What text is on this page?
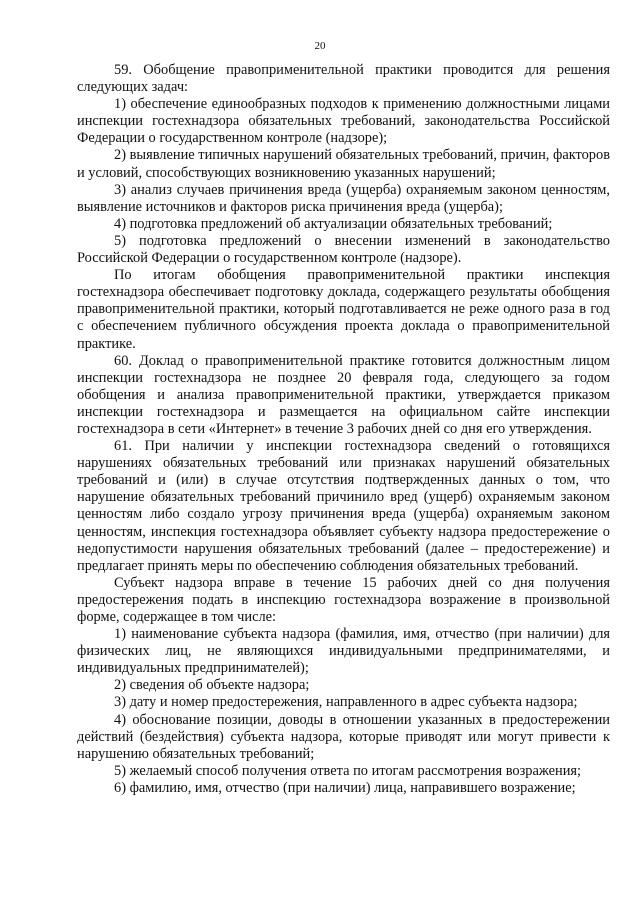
20

59. Обобщение правоприменительной практики проводится для решения следующих задач:

1) обеспечение единообразных подходов к применению должностными лицами инспекции гостехнадзора обязательных требований, законодательства Российской Федерации о государственном контроле (надзоре);

2) выявление типичных нарушений обязательных требований, причин, факторов и условий, способствующих возникновению указанных нарушений;

3) анализ случаев причинения вреда (ущерба) охраняемым законом ценностям, выявление источников и факторов риска причинения вреда (ущерба);

4) подготовка предложений об актуализации обязательных требований;

5) подготовка предложений о внесении изменений в законодательство Российской Федерации о государственном контроле (надзоре).

По итогам обобщения правоприменительной практики инспекция гостехнадзора обеспечивает подготовку доклада, содержащего результаты обобщения правоприменительной практики, который подготавливается не реже одного раза в год с обеспечением публичного обсуждения проекта доклада о правоприменительной практике.

60. Доклад о правоприменительной практике готовится должностным лицом инспекции гостехнадзора не позднее 20 февраля года, следующего за годом обобщения и анализа правоприменительной практики, утверждается приказом инспекции гостехнадзора и размещается на официальном сайте инспекции гостехнадзора в сети «Интернет» в течение 3 рабочих дней со дня его утверждения.

61. При наличии у инспекции гостехнадзора сведений о готовящихся нарушениях обязательных требований или признаках нарушений обязательных требований и (или) в случае отсутствия подтвержденных данных о том, что нарушение обязательных требований причинило вред (ущерб) охраняемым законом ценностям либо создало угрозу причинения вреда (ущерба) охраняемым законом ценностям, инспекция гостехнадзора объявляет субъекту надзора предостережение о недопустимости нарушения обязательных требований (далее – предостережение) и предлагает принять меры по обеспечению соблюдения обязательных требований.

Субъект надзора вправе в течение 15 рабочих дней со дня получения предостережения подать в инспекцию гостехнадзора возражение в произвольной форме, содержащее в том числе:

1) наименование субъекта надзора (фамилия, имя, отчество (при наличии) для физических лиц, не являющихся индивидуальными предпринимателями, и индивидуальных предпринимателей);

2) сведения об объекте надзора;

3) дату и номер предостережения, направленного в адрес субъекта надзора;

4) обоснование позиции, доводы в отношении указанных в предостережении действий (бездействия) субъекта надзора, которые приводят или могут привести к нарушению обязательных требований;

5) желаемый способ получения ответа по итогам рассмотрения возражения;

6) фамилию, имя, отчество (при наличии) лица, направившего возражение;
